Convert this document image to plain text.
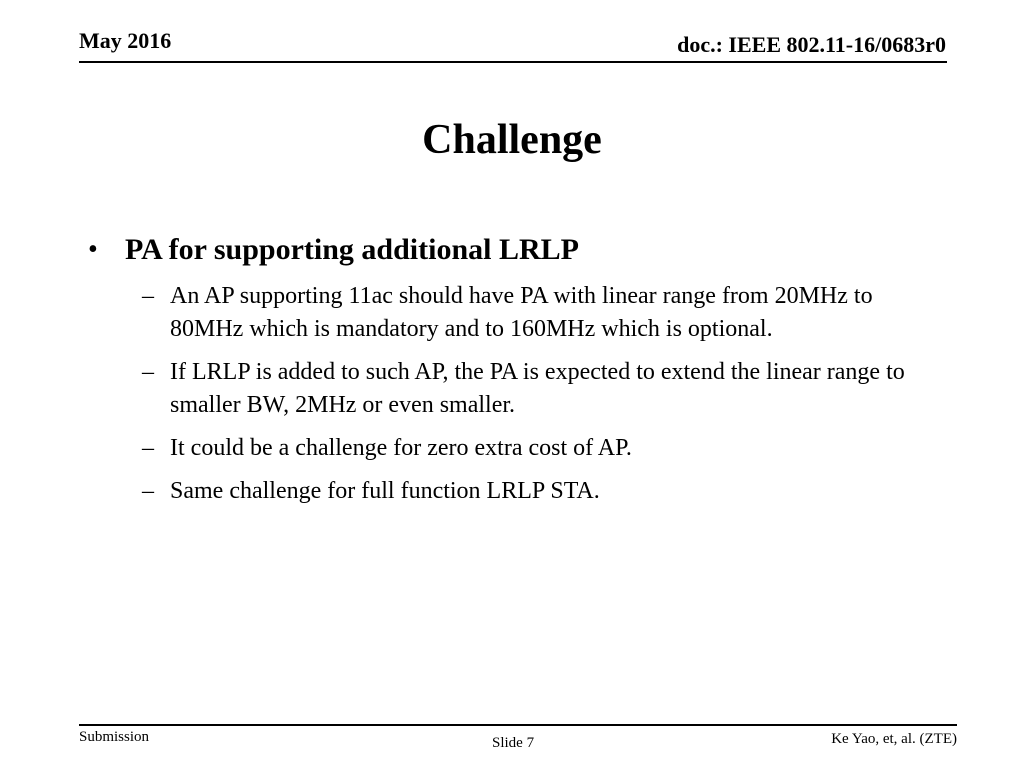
May 2016	doc.: IEEE 802.11-16/0683r0
Challenge
• PA for supporting additional LRLP
– An AP supporting 11ac should have PA with linear range from 20MHz to 80MHz which is mandatory and to 160MHz which is optional.
– If LRLP is added to such AP, the PA is expected to extend the linear range to smaller BW, 2MHz or even smaller.
– It could be a challenge for zero extra cost of AP.
– Same challenge for full function LRLP STA.
Submission	Slide 7	Ke Yao, et, al. (ZTE)
